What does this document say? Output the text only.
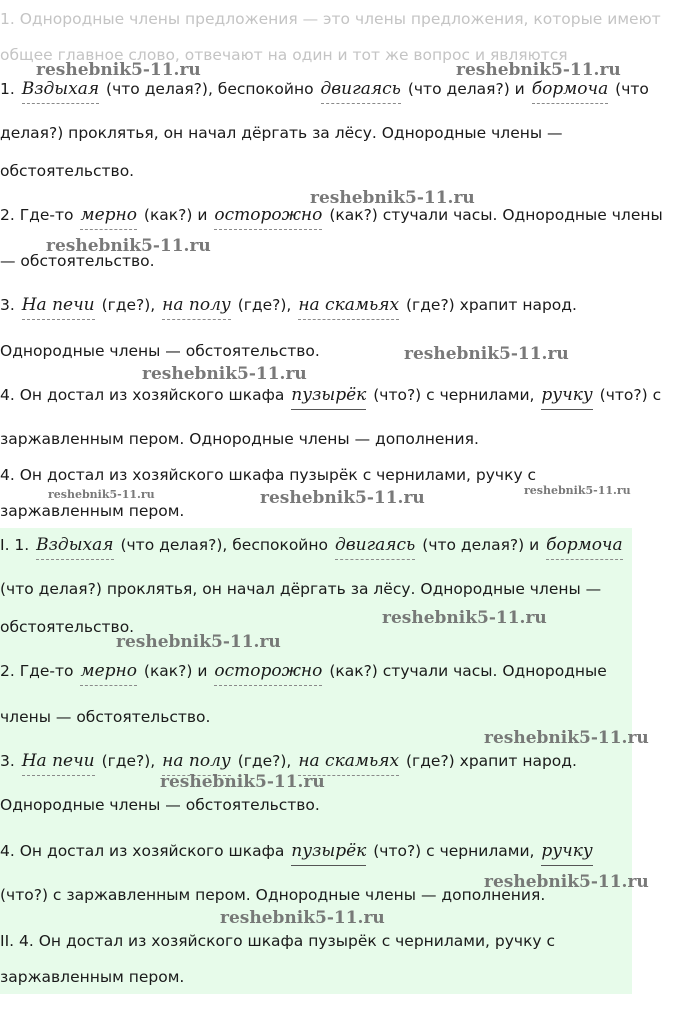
1. Однородные члены предложения — это члены предложения, которые имеют
общее главное слово, отвечают на один и тот же вопрос и являются
1. Вздыхая (что делая?), беспокойно двигаясь (что делая?) и бормоча (что
делая?) проклятья, он начал дёргать за лёсу. Однородные члены —
обстоятельство.
2. Где-то мерно (как?) и осторожно (как?) стучали часы. Однородные члены
— обстоятельство.
3. На печи (где?), на полу (где?), на скамьях (где?) храпит народ.
Однородные члены — обстоятельство.
4. Он достал из хозяйского шкафа пузырёк (что?) с чернилами, ручку (что?) с
заржавленным пером. Однородные члены — дополнения.
4. Он достал из хозяйского шкафа пузырёк с чернилами, ручку с
заржавленным пером.
I. 1. Вздыхая (что делая?), беспокойно двигаясь (что делая?) и бормоча
(что делая?) проклятья, он начал дёргать за лёсу. Однородные члены —
обстоятельство.
2. Где-то мерно (как?) и осторожно (как?) стучали часы. Однородные
члены — обстоятельство.
3. На печи (где?), на полу (где?), на скамьях (где?) храпит народ.
Однородные члены — обстоятельство.
4. Он достал из хозяйского шкафа пузырёк (что?) с чернилами, ручку
(что?) с заржавленным пером. Однородные члены — дополнения.
II. 4. Он достал из хозяйского шкафа пузырёк с чернилами, ручку с
заржавленным пером.
reshebnik5-11.ru	reshebnik5-11.ru
reshebnik5-11.ru
reshebnik5-11.ru
reshebnik5-11.ru
reshebnik5-11.ru
reshebnik5-11.ru	reshebnik5-11.ru	reshebnik5-11.ru
reshebnik5-11.ru
reshebnik5-11.ru
reshebnik5-11.ru
reshebnik5-11.ru
reshebnik5-11.ru
reshebnik5-11.ru
